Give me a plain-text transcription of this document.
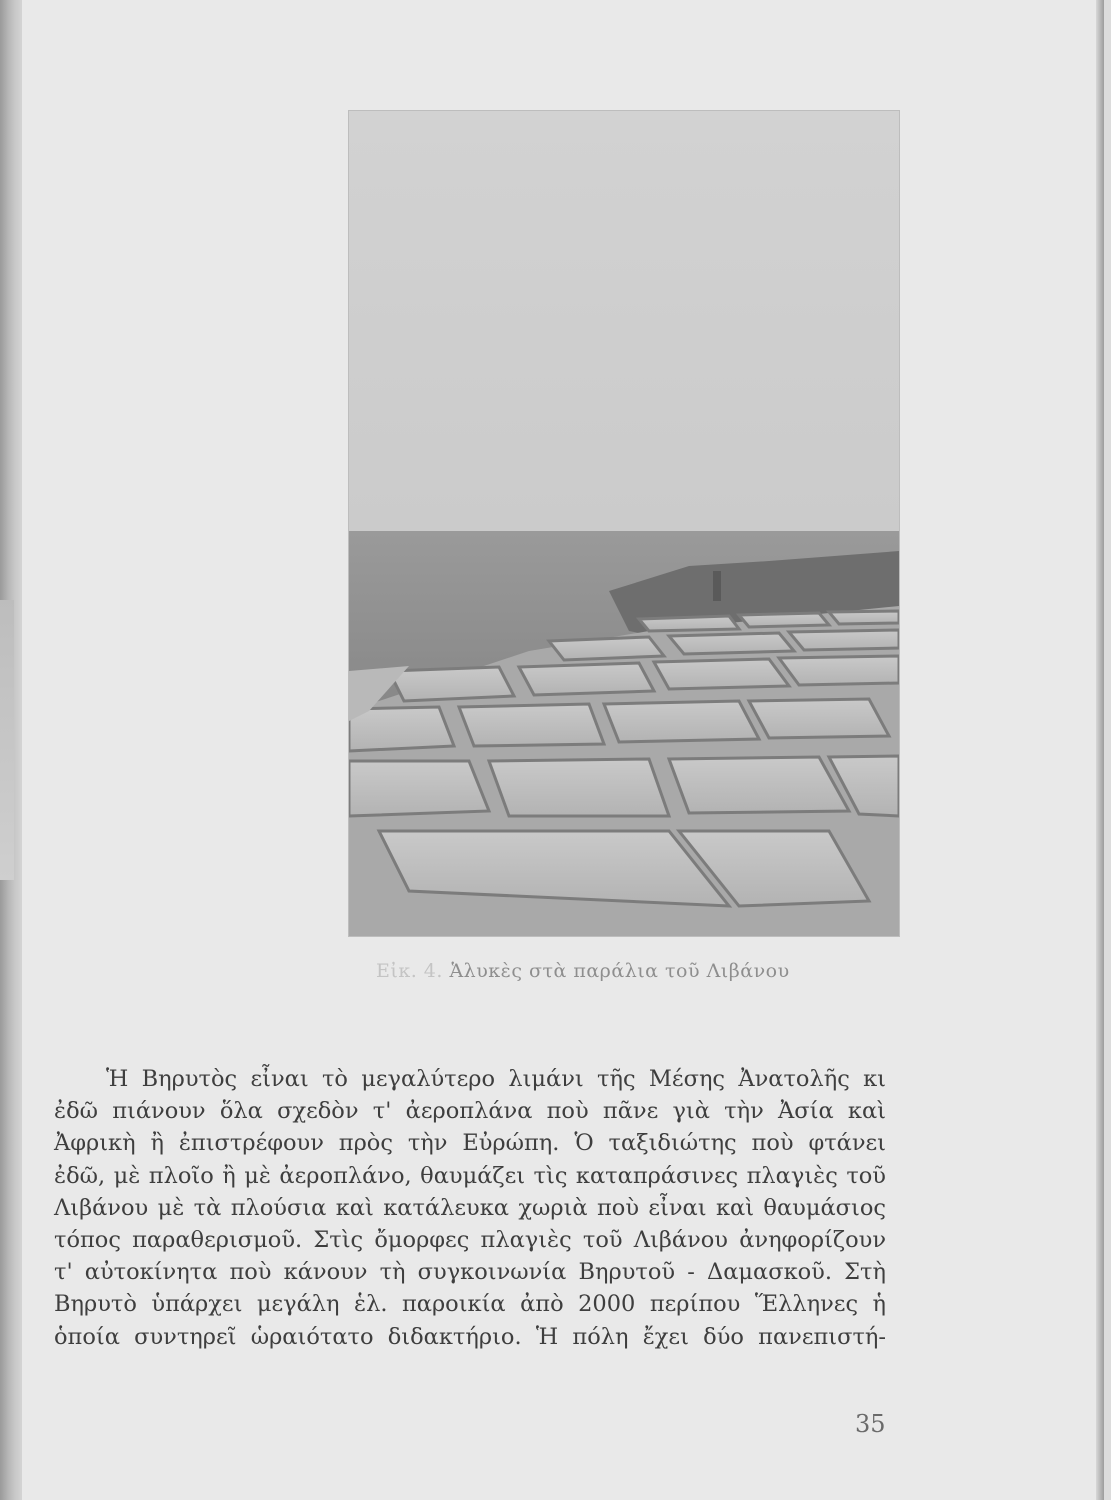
Εἰκ. 4. Ἁλυκὲς στὰ παράλια τοῦ Λιβάνου
Ἡ Βηρυτὸς εἶναι τὸ μεγαλύτερο λιμάνι τῆς Μέσης Ἀνατολῆς κι
ἐδῶ πιάνουν ὅλα σχεδὸν τ' ἀεροπλάνα ποὺ πᾶνε γιὰ τὴν Ἀσία καὶ
Ἀφρικὴ ἢ ἐπιστρέφουν πρὸς τὴν Εὐρώπη. Ὁ ταξιδιώτης ποὺ φτάνει
ἐδῶ, μὲ πλοῖο ἢ μὲ ἀεροπλάνο, θαυμάζει τὶς καταπράσινες πλαγιὲς τοῦ
Λιβάνου μὲ τὰ πλούσια καὶ κατάλευκα χωριὰ ποὺ εἶναι καὶ θαυμάσιος
τόπος παραθερισμοῦ. Στὶς ὄμορφες πλαγιὲς τοῦ Λιβάνου ἀνηφορίζουν
τ' αὐτοκίνητα ποὺ κάνουν τὴ συγκοινωνία Βηρυτοῦ - Δαμασκοῦ. Στὴ
Βηρυτὸ ὑπάρχει μεγάλη ἑλ. παροικία ἀπὸ 2000 περίπου Ἕλληνες ἡ
ὁποία συντηρεῖ ὡραιότατο διδακτήριο. Ἡ πόλη ἔχει δύο πανεπιστή-
35
